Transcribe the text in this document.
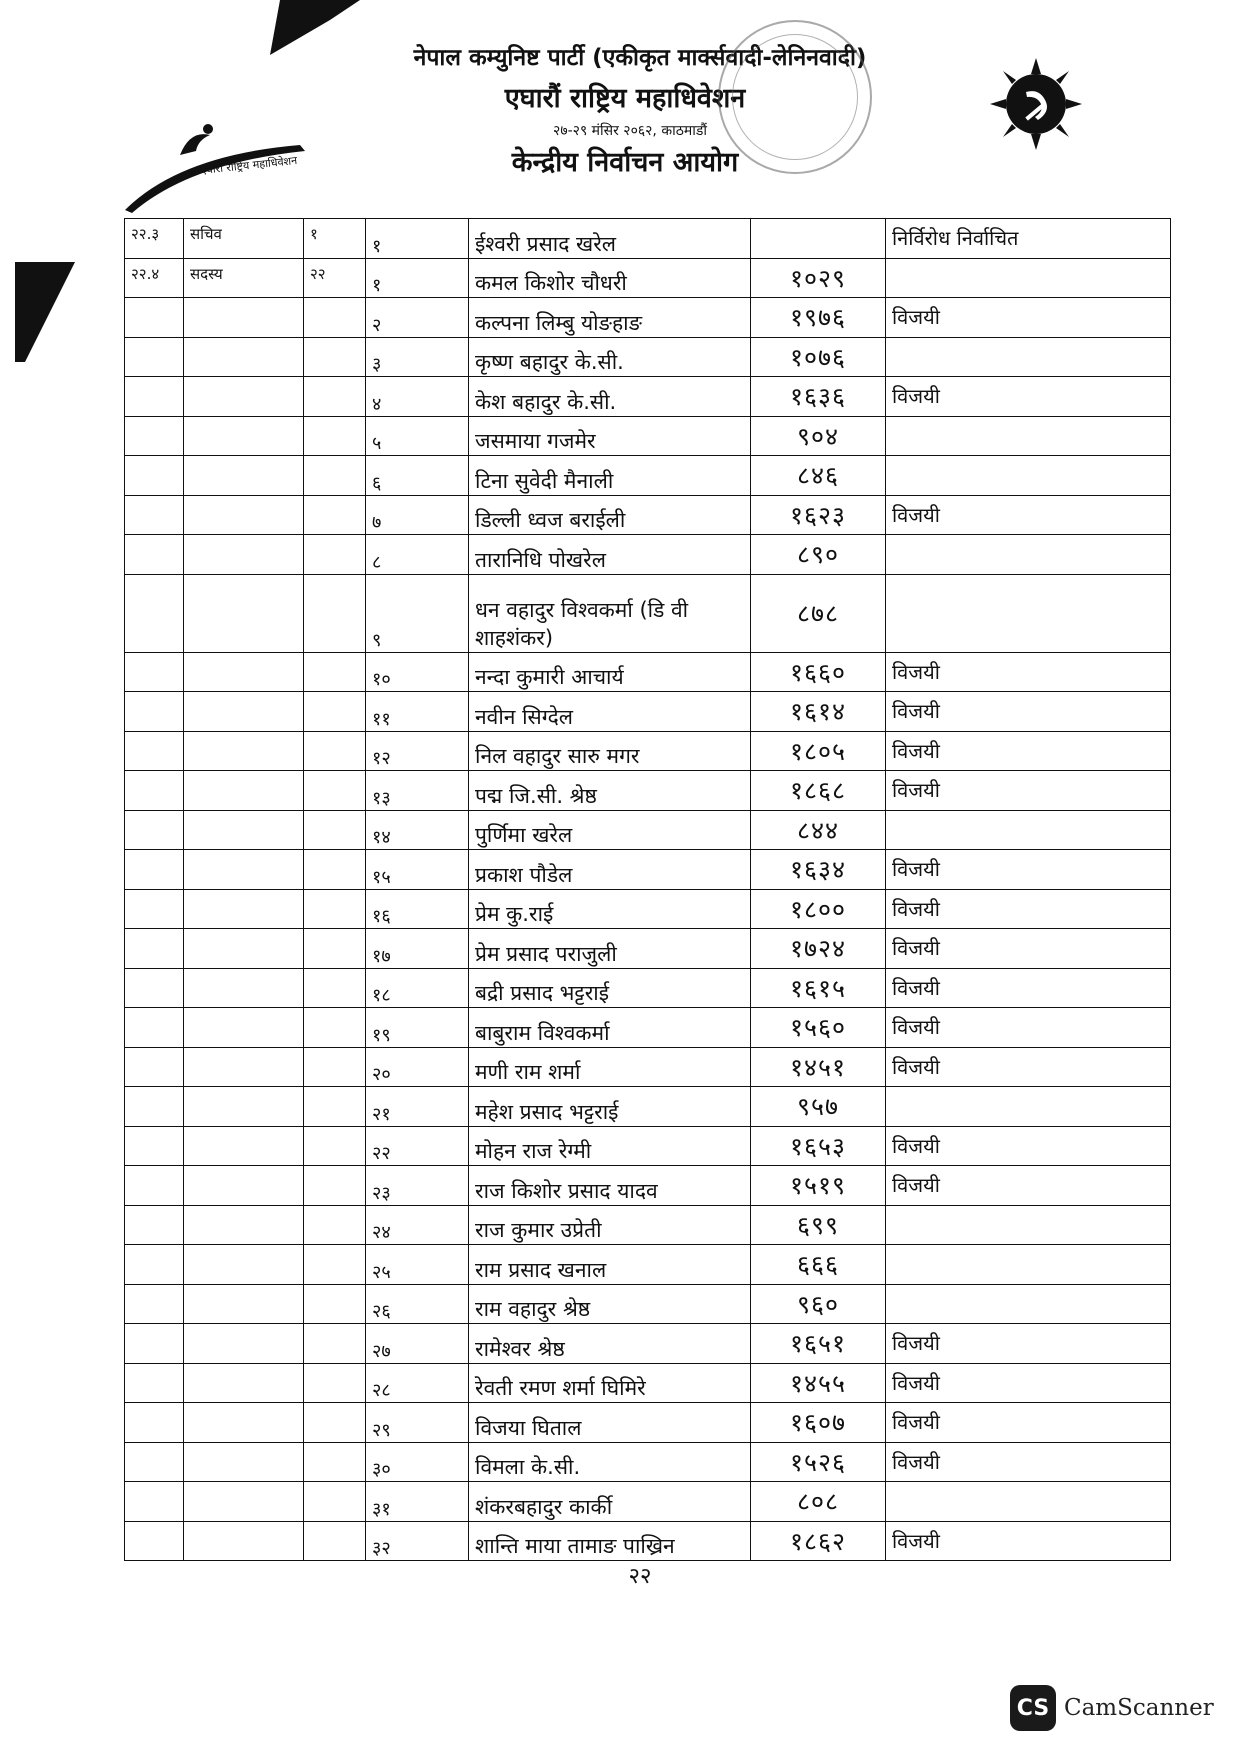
नेपाल कम्युनिष्ट पार्टी (एकीकृत मार्क्सवादी-लेनिनवादी)
एघारौं राष्ट्रिय महाधिवेशन
२७-२९ मंसिर २०६२, काठमाडौं
केन्द्रीय निर्वाचन आयोग
एघारौं राष्ट्रिय महाधिवेशन
२२.३	सचिव	१	१	ईश्वरी प्रसाद खरेल		निर्विरोध निर्वाचित
२२.४	सदस्य	२२	१	कमल किशोर चौधरी	१०२९	
			२	कल्पना लिम्बु योङहाङ	१९७६	विजयी
			३	कृष्ण बहादुर के.सी.	१०७६	
			४	केश बहादुर के.सी.	१६३६	विजयी
			५	जसमाया गजमेर	९०४	
			६	टिना सुवेदी मैनाली	८४६	
			७	डिल्ली ध्वज बराईली	१६२३	विजयी
			८	तारानिधि पोखरेल	८९०	
			९	धन वहादुर विश्वकर्मा (डि वी शाहशंकर)	८७८	
			१०	नन्दा कुमारी आचार्य	१६६०	विजयी
			११	नवीन सिग्देल	१६१४	विजयी
			१२	निल वहादुर सारु मगर	१८०५	विजयी
			१३	पद्म जि.सी. श्रेष्ठ	१८६८	विजयी
			१४	पुर्णिमा खरेल	८४४	
			१५	प्रकाश पौडेल	१६३४	विजयी
			१६	प्रेम कु.राई	१८००	विजयी
			१७	प्रेम प्रसाद पराजुली	१७२४	विजयी
			१८	बद्री प्रसाद भट्टराई	१६१५	विजयी
			१९	बाबुराम विश्वकर्मा	१५६०	विजयी
			२०	मणी राम शर्मा	१४५१	विजयी
			२१	महेश प्रसाद भट्टराई	९५७	
			२२	मोहन राज रेग्मी	१६५३	विजयी
			२३	राज किशोर प्रसाद यादव	१५१९	विजयी
			२४	राज कुमार उप्रेती	६९९	
			२५	राम प्रसाद खनाल	६६६	
			२६	राम वहादुर श्रेष्ठ	९६०	
			२७	रामेश्वर श्रेष्ठ	१६५१	विजयी
			२८	रेवती रमण शर्मा घिमिरे	१४५५	विजयी
			२९	विजया घिताल	१६०७	विजयी
			३०	विमला के.सी.	१५२६	विजयी
			३१	शंकरबहादुर कार्की	८०८	
			३२	शान्ति माया तामाङ पाख्रिन	१८६२	विजयी
२२
CS CamScanner
